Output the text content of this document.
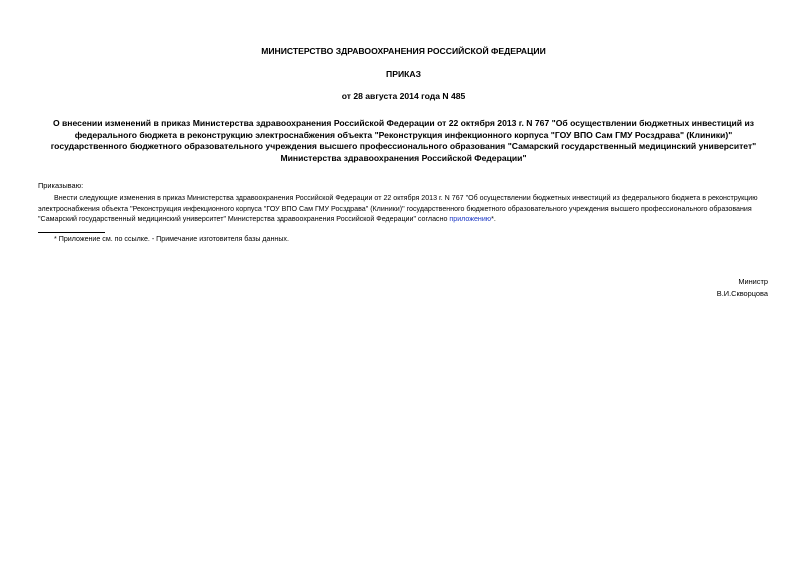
МИНИСТЕРСТВО ЗДРАВООХРАНЕНИЯ РОССИЙСКОЙ ФЕДЕРАЦИИ
ПРИКАЗ
от 28 августа 2014 года N 485
О внесении изменений в приказ Министерства здравоохранения Российской Федерации от 22 октября 2013 г. N 767 "Об осуществлении бюджетных инвестиций из
федерального бюджета в реконструкцию электроснабжения объекта "Реконструкция инфекционного корпуса "ГОУ ВПО Сам ГМУ Росздрава" (Клиники)"
государственного бюджетного образовательного учреждения высшего профессионального образования "Самарский государственный медицинский университет"
Министерства здравоохранения Российской Федерации"
Приказываю:
Внести следующие изменения в приказ Министерства здравоохранения Российской Федерации от 22 октября 2013 г. N 767 "Об осуществлении бюджетных инвестиций из федерального бюджета в реконструкцию
электроснабжения объекта "Реконструкция инфекционного корпуса "ГОУ ВПО Сам ГМУ Росздрава" (Клиники)" государственного бюджетного образовательного учреждения высшего профессионального образования
"Самарский государственный медицинский университет" Министерства здравоохранения Российской Федерации" согласно приложению*.
* Приложение см. по ссылке. - Примечание изготовителя базы данных.
Министр
В.И.Скворцова
